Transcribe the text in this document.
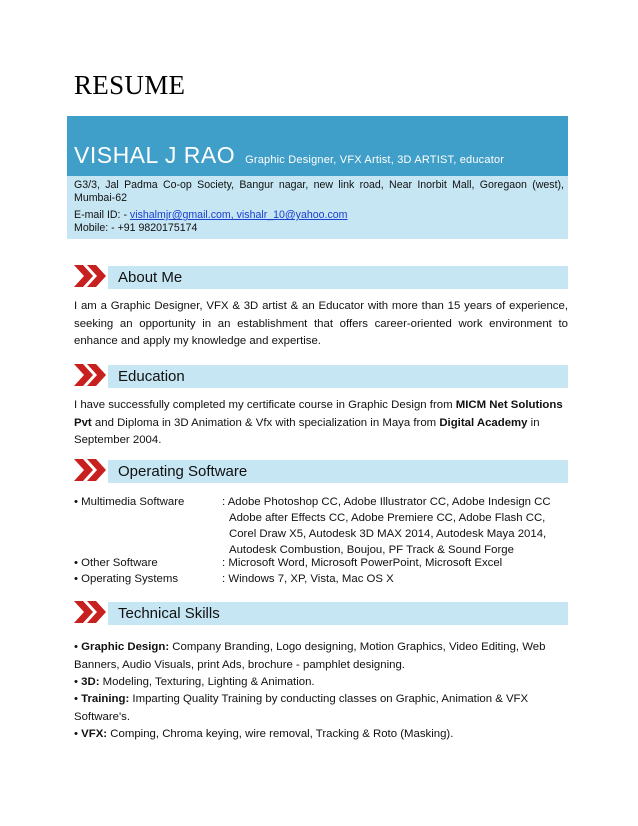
RESUME
VISHAL J RAO Graphic Designer, VFX Artist, 3D ARTIST, educator
G3/3, Jal Padma Co-op Society, Bangur nagar, new link road, Near Inorbit Mall, Goregaon (west), Mumbai-62
E-mail ID: - vishalmjr@gmail.com, vishalr_10@yahoo.com
Mobile: - +91 9820175174
About Me
I am a Graphic Designer, VFX & 3D artist & an Educator with more than 15 years of experience, seeking an opportunity in an establishment that offers career-oriented work environment to enhance and apply my knowledge and expertise.
Education
I have successfully completed my certificate course in Graphic Design from MICM Net Solutions Pvt and Diploma in 3D Animation & Vfx with specialization in Maya from Digital Academy in September 2004.
Operating Software
• Multimedia Software	: Adobe Photoshop CC, Adobe Illustrator CC, Adobe Indesign CC
Adobe after Effects CC, Adobe Premiere CC, Adobe Flash CC,
Corel Draw X5, Autodesk 3D MAX 2014, Autodesk Maya 2014,
Autodesk Combustion, Boujou, PF Track & Sound Forge
• Other Software	: Microsoft Word, Microsoft PowerPoint, Microsoft Excel
• Operating Systems	: Windows 7, XP, Vista, Mac OS X
Technical Skills
• Graphic Design: Company Branding, Logo designing, Motion Graphics, Video Editing, Web Banners, Audio Visuals, print Ads, brochure - pamphlet designing.
• 3D: Modeling, Texturing, Lighting & Animation.
• Training: Imparting Quality Training by conducting classes on Graphic, Animation & VFX Software's.
• VFX: Comping, Chroma keying, wire removal, Tracking & Roto (Masking).
